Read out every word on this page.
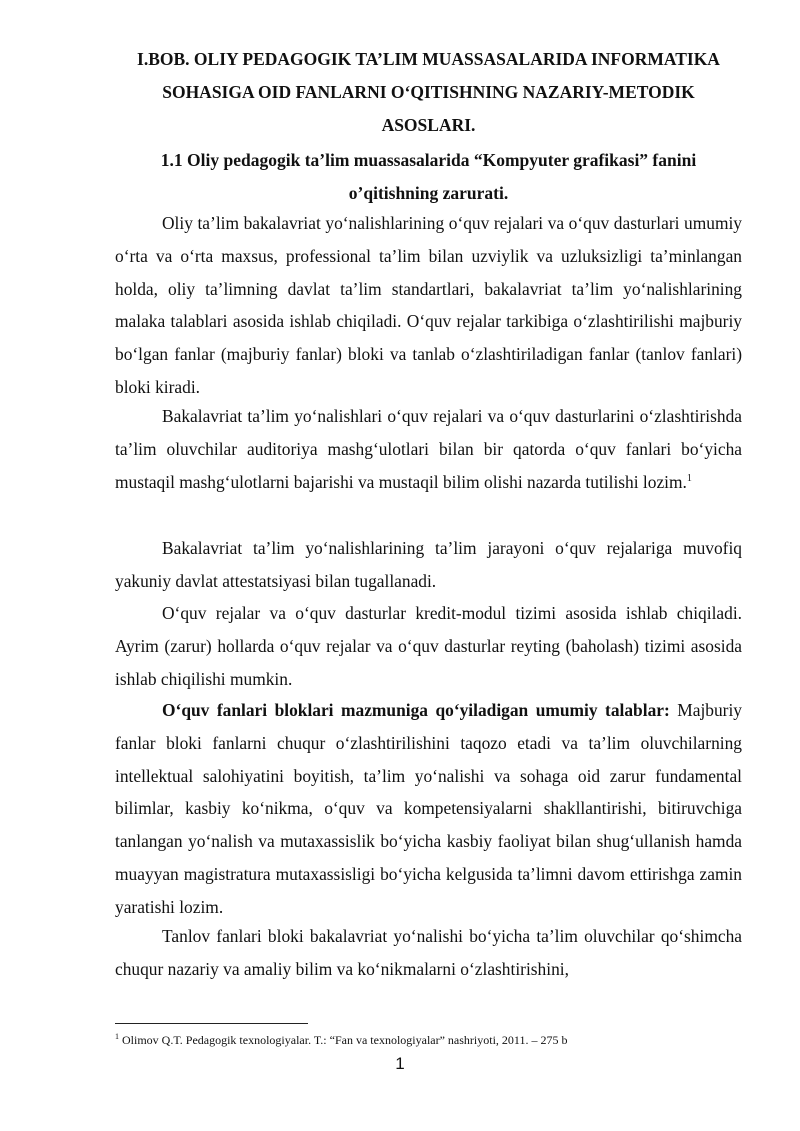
I.BOB. OLIY PEDAGOGIK TA’LIM MUASSASALARIDA INFORMATIKA SOHASIGA OID FANLARNI O‘QITISHNING NAZARIY-METODIK ASOSLARI.
1.1 Oliy pedagogik ta’lim muassasalarida “Kompyuter grafikasi” fanini o’qitishning zarurati.

Oliy ta’lim bakalavriat yo‘nalishlarining o‘quv rejalari va o‘quv dasturlari umumiy o‘rta va o‘rta maxsus, professional ta’lim bilan uzviylik va uzluksizligi ta’minlangan holda, oliy ta’limning davlat ta’lim standartlari, bakalavriat ta’lim yo‘nalishlarining malaka talablari asosida ishlab chiqiladi. O‘quv rejalar tarkibiga o‘zlashtirilishi majburiy bo‘lgan fanlar (majburiy fanlar) bloki va tanlab o‘zlashtiriladigan fanlar (tanlov fanlari) bloki kiradi.

Bakalavriat ta’lim yo‘nalishlari o‘quv rejalari va o‘quv dasturlarini o‘zlashtirishda ta’lim oluvchilar auditoriya mashg‘ulotlari bilan bir qatorda o‘quv fanlari bo‘yicha mustaqil mashg‘ulotlarni bajarishi va mustaqil bilim olishi nazarda tutilishi lozim.$^1$

Bakalavriat ta’lim yo‘nalishlarining ta’lim jarayoni o‘quv rejalariga muvofiq yakuniy davlat attestatsiyasi bilan tugallanadi.

O‘quv rejalar va o‘quv dasturlar kredit-modul tizimi asosida ishlab chiqiladi. Ayrim (zarur) hollarda o‘quv rejalar va o‘quv dasturlar reyting (baholash) tizimi asosida ishlab chiqilishi mumkin.

O‘quv fanlari bloklari mazmuniga qo‘yiladigan umumiy talablar: Majburiy fanlar bloki fanlarni chuqur o‘zlashtirilishini taqozo etadi va ta’lim oluvchilarning intellektual salohiyatini boyitish, ta’lim yo‘nalishi va sohaga oid zarur fundamental bilimlar, kasbiy ko‘nikma, o‘quv va kompetensiyalarni shakllantirishi, bitiruvchiga tanlangan yo‘nalish va mutaxassislik bo‘yicha kasbiy faoliyat bilan shug‘ullanish hamda muayyan magistratura mutaxassisligi bo‘yicha kelgusida ta’limni davom ettirishga zamin yaratishi lozim.

Tanlov fanlari bloki bakalavriat yo‘nalishi bo‘yicha ta’lim oluvchilar qo‘shimcha chuqur nazariy va amaliy bilim va ko‘nikmalarni o‘zlashtirishini,

$^1$ Olimov Q.T. Pedagogik texnologiyalar. T.: “Fan va texnologiyalar” nashriyoti, 2011. – 275 b

1
